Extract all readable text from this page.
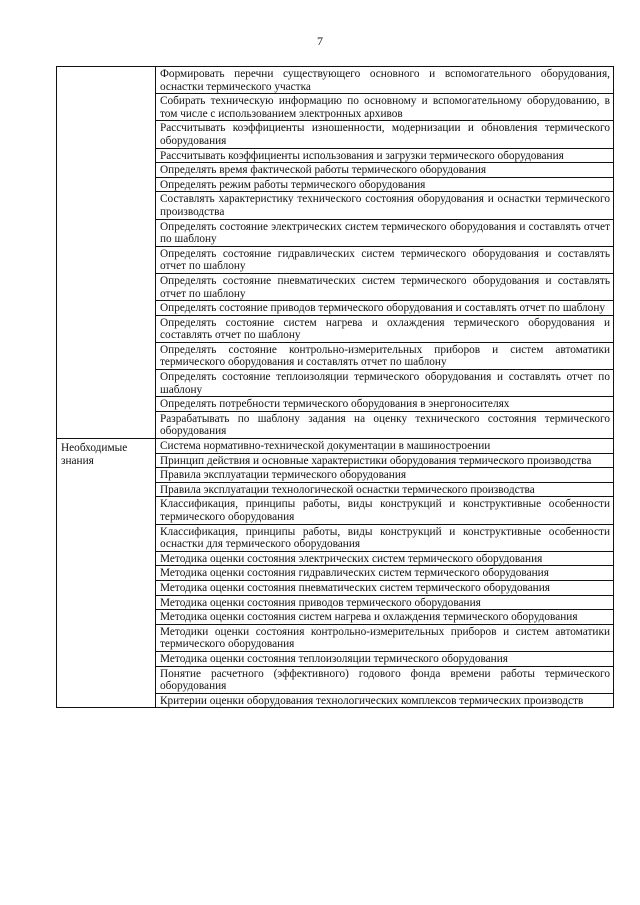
7
	Формировать перечни существующего основного и вспомогательного оборудования, оснастки термического участка
	Собирать техническую информацию по основному и вспомогательному оборудованию, в том числе с использованием электронных архивов
	Рассчитывать коэффициенты изношенности, модернизации и обновления термического оборудования
	Рассчитывать коэффициенты использования и загрузки термического оборудования
	Определять время фактической работы термического оборудования
	Определять режим работы термического оборудования
	Составлять характеристику технического состояния оборудования и оснастки термического производства
	Определять состояние электрических систем термического оборудования и составлять отчет по шаблону
	Определять состояние гидравлических систем термического оборудования и составлять отчет по шаблону
	Определять состояние пневматических систем термического оборудования и составлять отчет по шаблону
	Определять состояние приводов термического оборудования и составлять отчет по шаблону
	Определять состояние систем нагрева и охлаждения термического оборудования и составлять отчет по шаблону
	Определять состояние контрольно-измерительных приборов и систем автоматики термического оборудования и составлять отчет по шаблону
	Определять состояние теплоизоляции термического оборудования и составлять отчет по шаблону
	Определять потребности термического оборудования в энергоносителях
	Разрабатывать по шаблону задания на оценку технического состояния термического оборудования
Необходимые знания	Система нормативно-технической документации в машиностроении
	Принцип действия и основные характеристики оборудования термического производства
	Правила эксплуатации термического оборудования
	Правила эксплуатации технологической оснастки термического производства
	Классификация, принципы работы, виды конструкций и конструктивные особенности термического оборудования
	Классификация, принципы работы, виды конструкций и конструктивные особенности оснастки для термического оборудования
	Методика оценки состояния электрических систем термического оборудования
	Методика оценки состояния гидравлических систем термического оборудования
	Методика оценки состояния пневматических систем термического оборудования
	Методика оценки состояния приводов термического оборудования
	Методика оценки состояния систем нагрева и охлаждения термического оборудования
	Методики оценки состояния контрольно-измерительных приборов и систем автоматики термического оборудования
	Методика оценки состояния теплоизоляции термического оборудования
	Понятие расчетного (эффективного) годового фонда времени работы термического оборудования
	Критерии оценки оборудования технологических комплексов термических производств
